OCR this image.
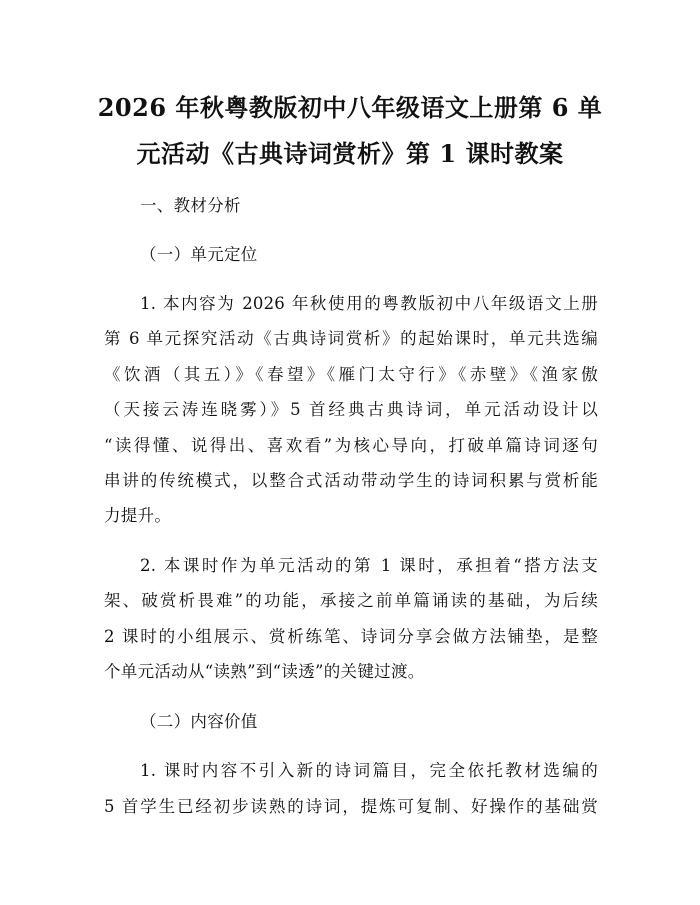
2026 年秋粤教版初中八年级语文上册第 6 单
元活动《古典诗词赏析》第 1 课时教案
一、教材分析
（一）单元定位
1. 本内容为 2026 年秋使用的粤教版初中八年级语文上册
第 6 单元探究活动《古典诗词赏析》的起始课时，单元共选编
《饮酒（其五）》《春望》《雁门太守行》《赤壁》《渔家傲
（天接云涛连晓雾）》5 首经典古典诗词，单元活动设计以
“读得懂、说得出、喜欢看”为核心导向，打破单篇诗词逐句
串讲的传统模式，以整合式活动带动学生的诗词积累与赏析能
力提升。
2. 本课时作为单元活动的第 1 课时，承担着“搭方法支
架、破赏析畏难”的功能，承接之前单篇诵读的基础，为后续
2 课时的小组展示、赏析练笔、诗词分享会做方法铺垫，是整
个单元活动从“读熟”到“读透”的关键过渡。
（二）内容价值
1. 课时内容不引入新的诗词篇目，完全依托教材选编的
5 首学生已经初步读熟的诗词，提炼可复制、好操作的基础赏
